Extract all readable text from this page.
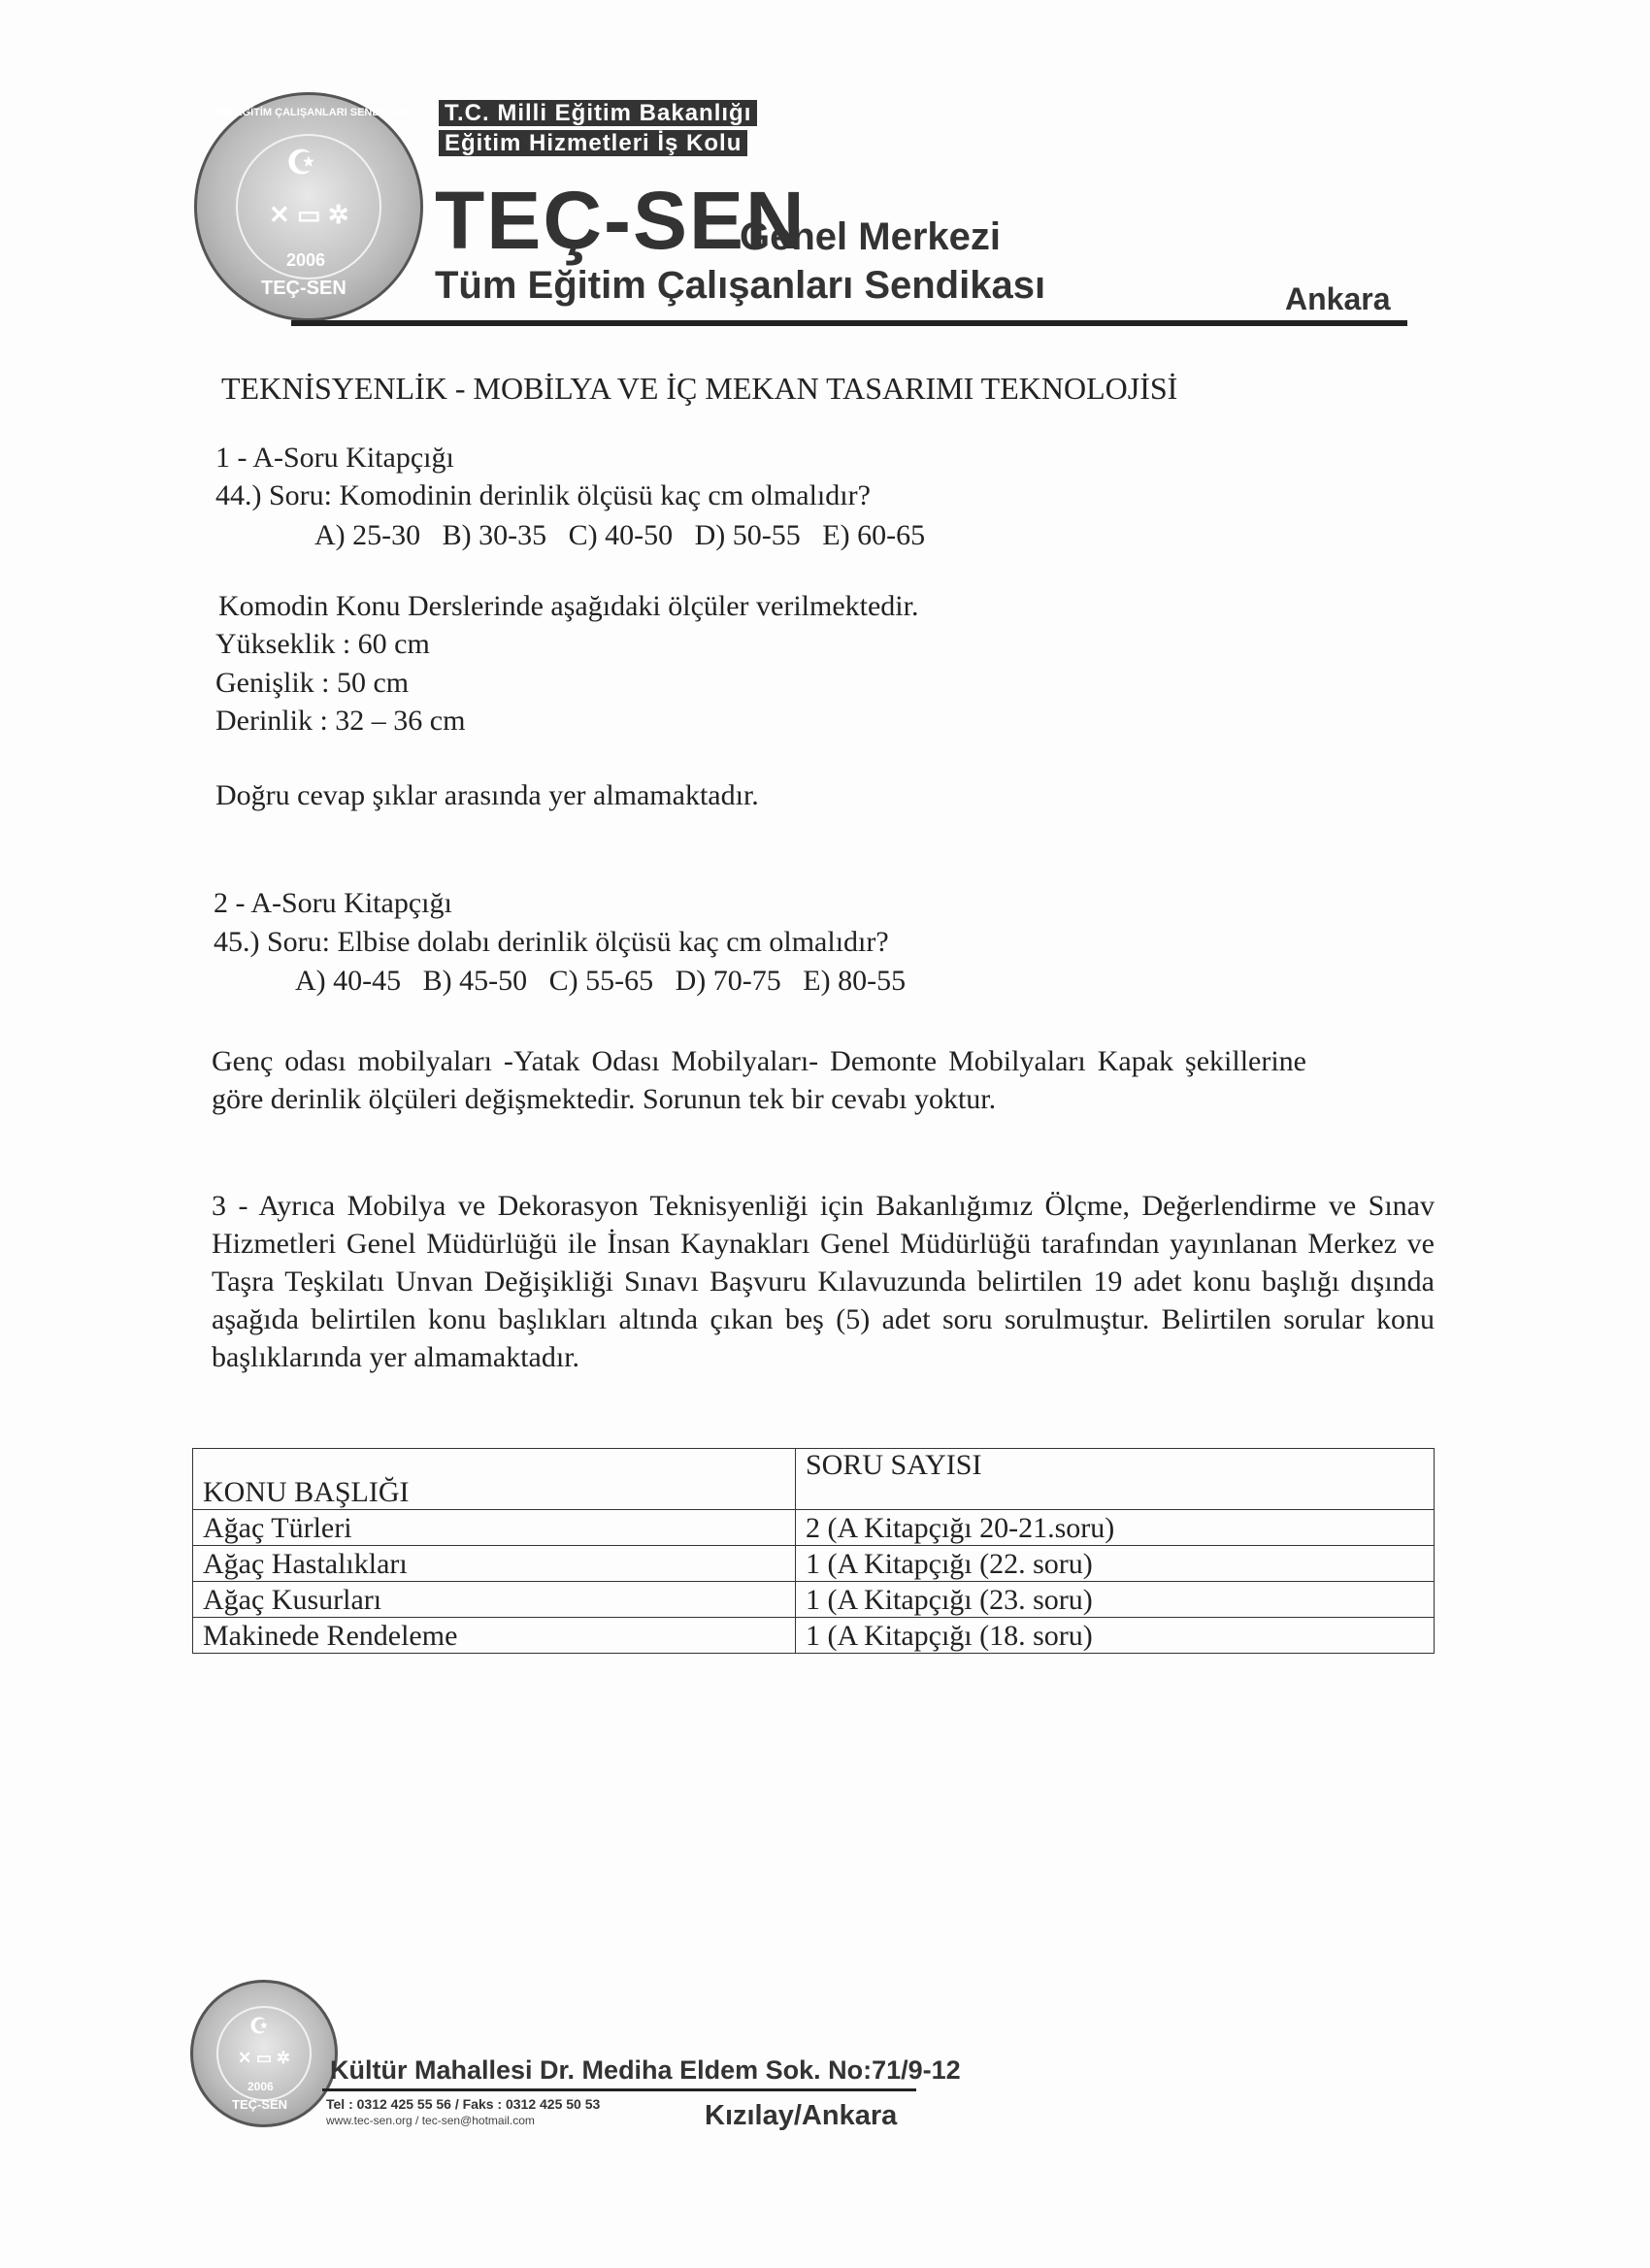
TÜM EĞİTİM ÇALIŞANLARI SENDİKASI
☪
✕ ▭ ✲
2006
TEÇ-SEN
T.C. Milli Eğitim Bakanlığı
Eğitim Hizmetleri İş Kolu
TEÇ-SEN
Genel Merkezi
Tüm Eğitim Çalışanları Sendikası	Ankara

TEKNİSYENLİK - MOBİLYA VE İÇ MEKAN TASARIMI TEKNOLOJİSİ

1 - A-Soru Kitapçığı

44.) Soru: Komodinin derinlik ölçüsü kaç cm olmalıdır?

A) 25-30   B) 30-35   C) 40-50   D) 50-55   E) 60-65

Komodin Konu Derslerinde aşağıdaki ölçüler verilmektedir.

Yükseklik : 60 cm

Genişlik : 50 cm

Derinlik : 32 – 36 cm

Doğru cevap şıklar arasında yer almamaktadır.

2 - A-Soru Kitapçığı

45.) Soru: Elbise dolabı derinlik ölçüsü kaç cm olmalıdır?

A) 40-45   B) 45-50   C) 55-65   D) 70-75   E) 80-55

Genç odası mobilyaları -Yatak Odası Mobilyaları- Demonte Mobilyaları Kapak şekillerine göre derinlik ölçüleri değişmektedir. Sorunun tek bir cevabı yoktur.
3 - Ayrıca Mobilya ve Dekorasyon Teknisyenliği için Bakanlığımız Ölçme, Değerlendirme ve Sınav Hizmetleri Genel Müdürlüğü ile İnsan Kaynakları Genel Müdürlüğü tarafından yayınlanan Merkez ve Taşra Teşkilatı Unvan Değişikliği Sınavı Başvuru Kılavuzunda belirtilen 19 adet konu başlığı dışında aşağıda belirtilen konu başlıkları altında çıkan beş (5) adet soru sorulmuştur. Belirtilen sorular konu başlıklarında yer almamaktadır.
KONU BAŞLIĞI	SORU SAYISI
Ağaç Türleri	2 (A Kitapçığı 20-21.soru)
Ağaç Hastalıkları	1 (A Kitapçığı (22. soru)
Ağaç Kusurları	1 (A Kitapçığı (23. soru)
Makinede Rendeleme	1 (A Kitapçığı (18. soru)
☪
✕ ▭ ✲
2006
TEÇ-SEN
Kültür Mahallesi Dr. Mediha Eldem Sok. No:71/9-12
Tel : 0312 425 55 56 / Faks : 0312 425 50 53
www.tec-sen.org / tec-sen@hotmail.com	Kızılay/Ankara
